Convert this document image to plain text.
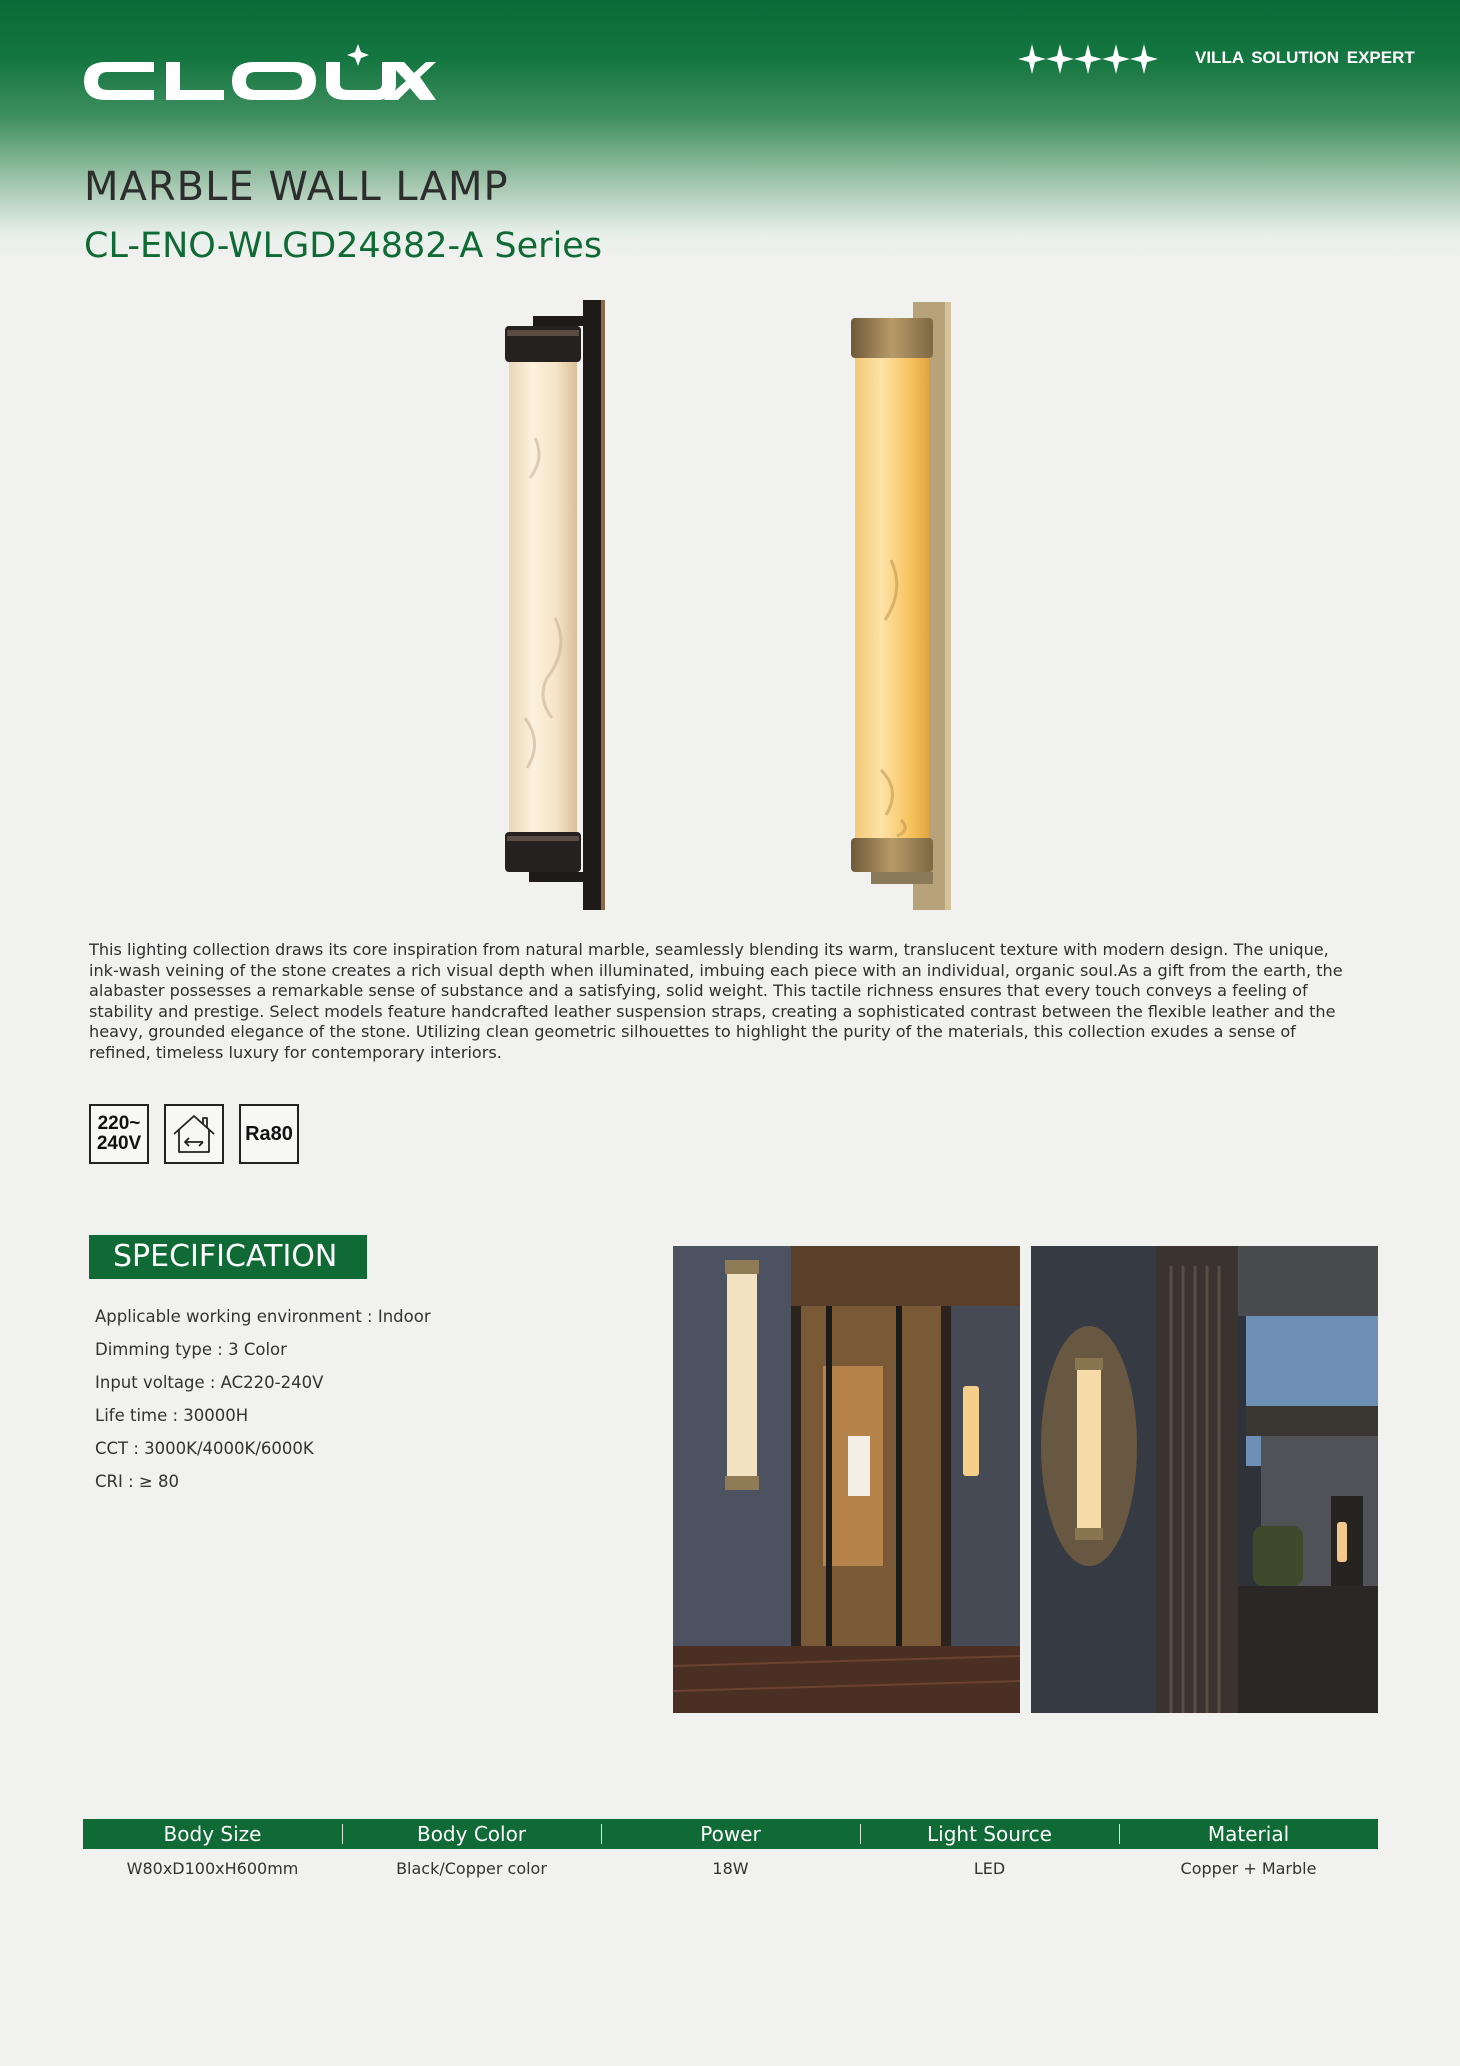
VILLA SOLUTION EXPERT
MARBLE WALL LAMP
CL-ENO-WLGD24882-A Series
This lighting collection draws its core inspiration from natural marble, seamlessly blending its warm, translucent texture with modern design. The unique, ink-wash veining of the stone creates a rich visual depth when illuminated, imbuing each piece with an individual, organic soul.As a gift from the earth, the alabaster possesses a remarkable sense of substance and a satisfying, solid weight. This tactile richness ensures that every touch conveys a feeling of stability and prestige. Select models feature handcrafted leather suspension straps, creating a sophisticated contrast between the flexible leather and the heavy, grounded elegance of the stone. Utilizing clean geometric silhouettes to highlight the purity of the materials, this collection exudes a sense of refined, timeless luxury for contemporary interiors.
220~
240V	Ra80
SPECIFICATION
Applicable working environment : Indoor
Dimming type : 3 Color
Input voltage : AC220-240V
Life time : 30000H
CCT : 3000K/4000K/6000K
CRI : ≥ 80
Body Size	Body Color	Power	Light Source	Material
W80xD100xH600mm	Black/Copper color	18W	LED	Copper + Marble
